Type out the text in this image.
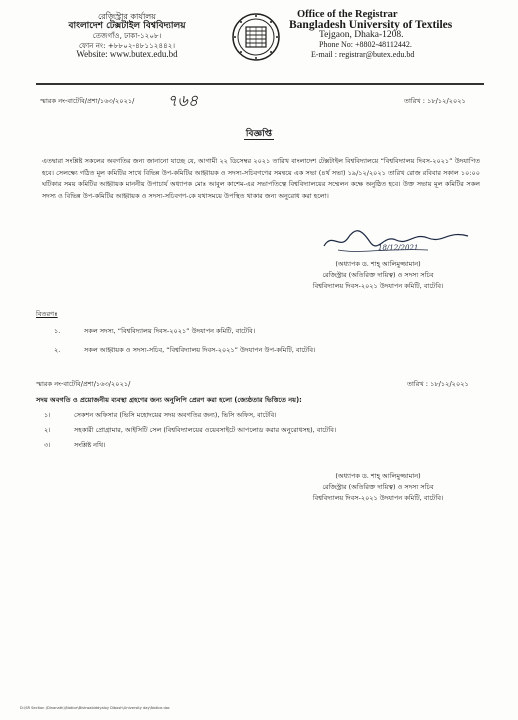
রেজিস্ট্রার কার্যালয়
বাংলাদেশ টেক্সটাইল বিশ্ববিদ্যালয়
তেজগাঁও, ঢাকা-১২০৮।
ফোন নং: +৮৮০২-৪৮১১২৪৪২।
Website: www.butex.edu.bd
Office of the Registrar
Bangladesh University of Textiles
Tejgaon, Dhaka-1208.
Phone No: +8802-48112442.
E-mail : registrar@butex.edu.bd
স্মারক নং-বাটেবি/প্রশা/১৬৩/২০২১/ ৭৬৪	তারিখ : ১৮/১২/২০২১
বিজ্ঞপ্তি
এতদ্বারা সংশ্লিষ্ট সকলের অবগতির জন্য জানানো যাচ্ছে যে, আগামী ২২ ডিসেম্বর ২০২১ তারিখ বাংলাদেশ টেক্সটাইল বিশ্ববিদ্যালয়ে “বিশ্ববিদ্যালয় দিবস-২০২১” উদযাপিত হবে। সেলক্ষ্যে গঠিত মূল কমিটির সাথে বিভিন্ন উপ-কমিটির আহ্বায়ক ও সদস্য-সচিবগণের সমন্বয়ে এক সভা (৪র্থ সভা) ১৯/১২/২০২১ তারিখ রোজ রবিবার সকাল ১০:০০ ঘটিকার সময় কমিটির আহ্বায়ক মাননীয় উপাচার্য অধ্যাপক মোঃ আবুল কাশেম-এর সভাপতিত্বে বিশ্ববিদ্যালয়ের সম্মেলন কক্ষে অনুষ্ঠিত হবে। উক্ত সভায় মূল কমিটির সকল সদস্য ও বিভিন্ন উপ-কমিটির আহ্বায়ক ও সদস্য-সচিবগণ-কে যথাসময়ে উপস্থিত থাকার জন্য অনুরোধ করা হলো।
18/12/2021
(অধ্যাপক ড. শাহ্ আলিমুজ্জামান)
রেজিস্ট্রার (অতিরিক্ত দায়িত্ব) ও সদস্য সচিব
বিশ্ববিদ্যালয় দিবস-২০২১ উদযাপন কমিটি, বাটেবি।
বিতরণঃ
১.	সকল সদস্য, “বিশ্ববিদ্যালয় দিবস-২০২১” উদযাপন কমিটি, বাটেবি।
২.	সকল আহ্বায়ক ও সদস্য-সচিব, “বিশ্ববিদ্যালয় দিবস-২০২১” উদযাপন উপ-কমিটি, বাটেবি।
স্মারক নং-বাটেবি/প্রশা/১৬৩/২০২১/	তারিখ : ১৮/১২/২০২১
সদয় অবগতি ও প্রয়োজনীয় ব্যবস্থা গ্রহণের জন্য অনুলিপি প্রেরণ করা হলো (জ্যেষ্ঠতার ভিত্তিতে নয়):
১।	সেকশন অফিসার (ভিসি মহোদয়ের সদয় অবগতির জন্য), ভিসি অফিস, বাটেবি।
২।	সহকারী প্রোগ্রামার, আইসিটি সেল (বিশ্ববিদ্যালয়ের ওয়েবসাইটে আপলোড করার অনুরোধসহ), বাটেবি।
৩।	সংশ্লিষ্ট নথি।
(অধ্যাপক ড. শাহ্ আলিমুজ্জামান)
রেজিস্ট্রার (অতিরিক্ত দায়িত্ব) ও সদস্য সচিব
বিশ্ববিদ্যালয় দিবস-২০২১ উদযাপন কমিটি, বাটেবি।
D:\SR Section (Dinanath)\Notice\Bishwabiddyaloy Dibosh\University day\Notice.doc
